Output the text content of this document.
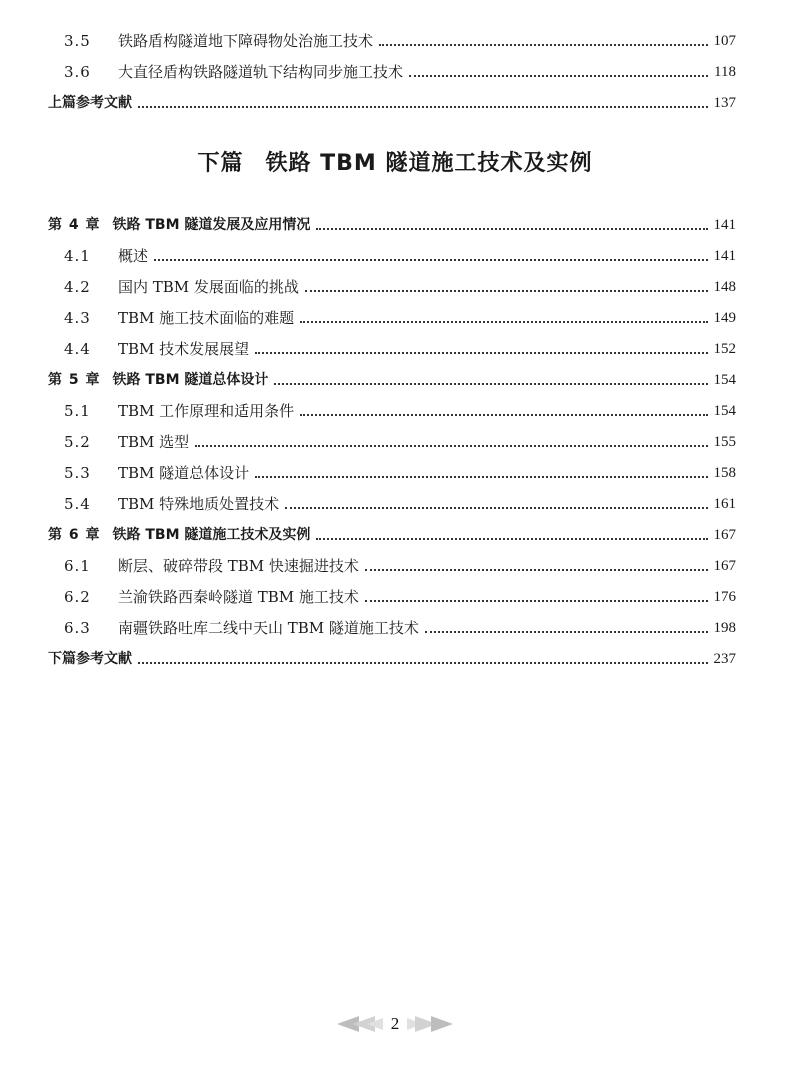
3.5	铁路盾构隧道地下障碍物处治施工技术	107
3.6	大直径盾构铁路隧道轨下结构同步施工技术	118
上篇参考文献	137
第 4 章 铁路 TBM 隧道发展及应用情况	141
4.1	概述	141
4.2	国内 TBM 发展面临的挑战	148
4.3	TBM 施工技术面临的难题	149
4.4	TBM 技术发展展望	152
第 5 章 铁路 TBM 隧道总体设计	154
5.1	TBM 工作原理和适用条件	154
5.2	TBM 选型	155
5.3	TBM 隧道总体设计	158
5.4	TBM 特殊地质处置技术	161
第 6 章 铁路 TBM 隧道施工技术及实例	167
6.1	断层、破碎带段 TBM 快速掘进技术	167
6.2	兰渝铁路西秦岭隧道 TBM 施工技术	176
6.3	南疆铁路吐库二线中天山 TBM 隧道施工技术	198
下篇参考文献	237
下篇 铁路 TBM 隧道施工技术及实例
2
